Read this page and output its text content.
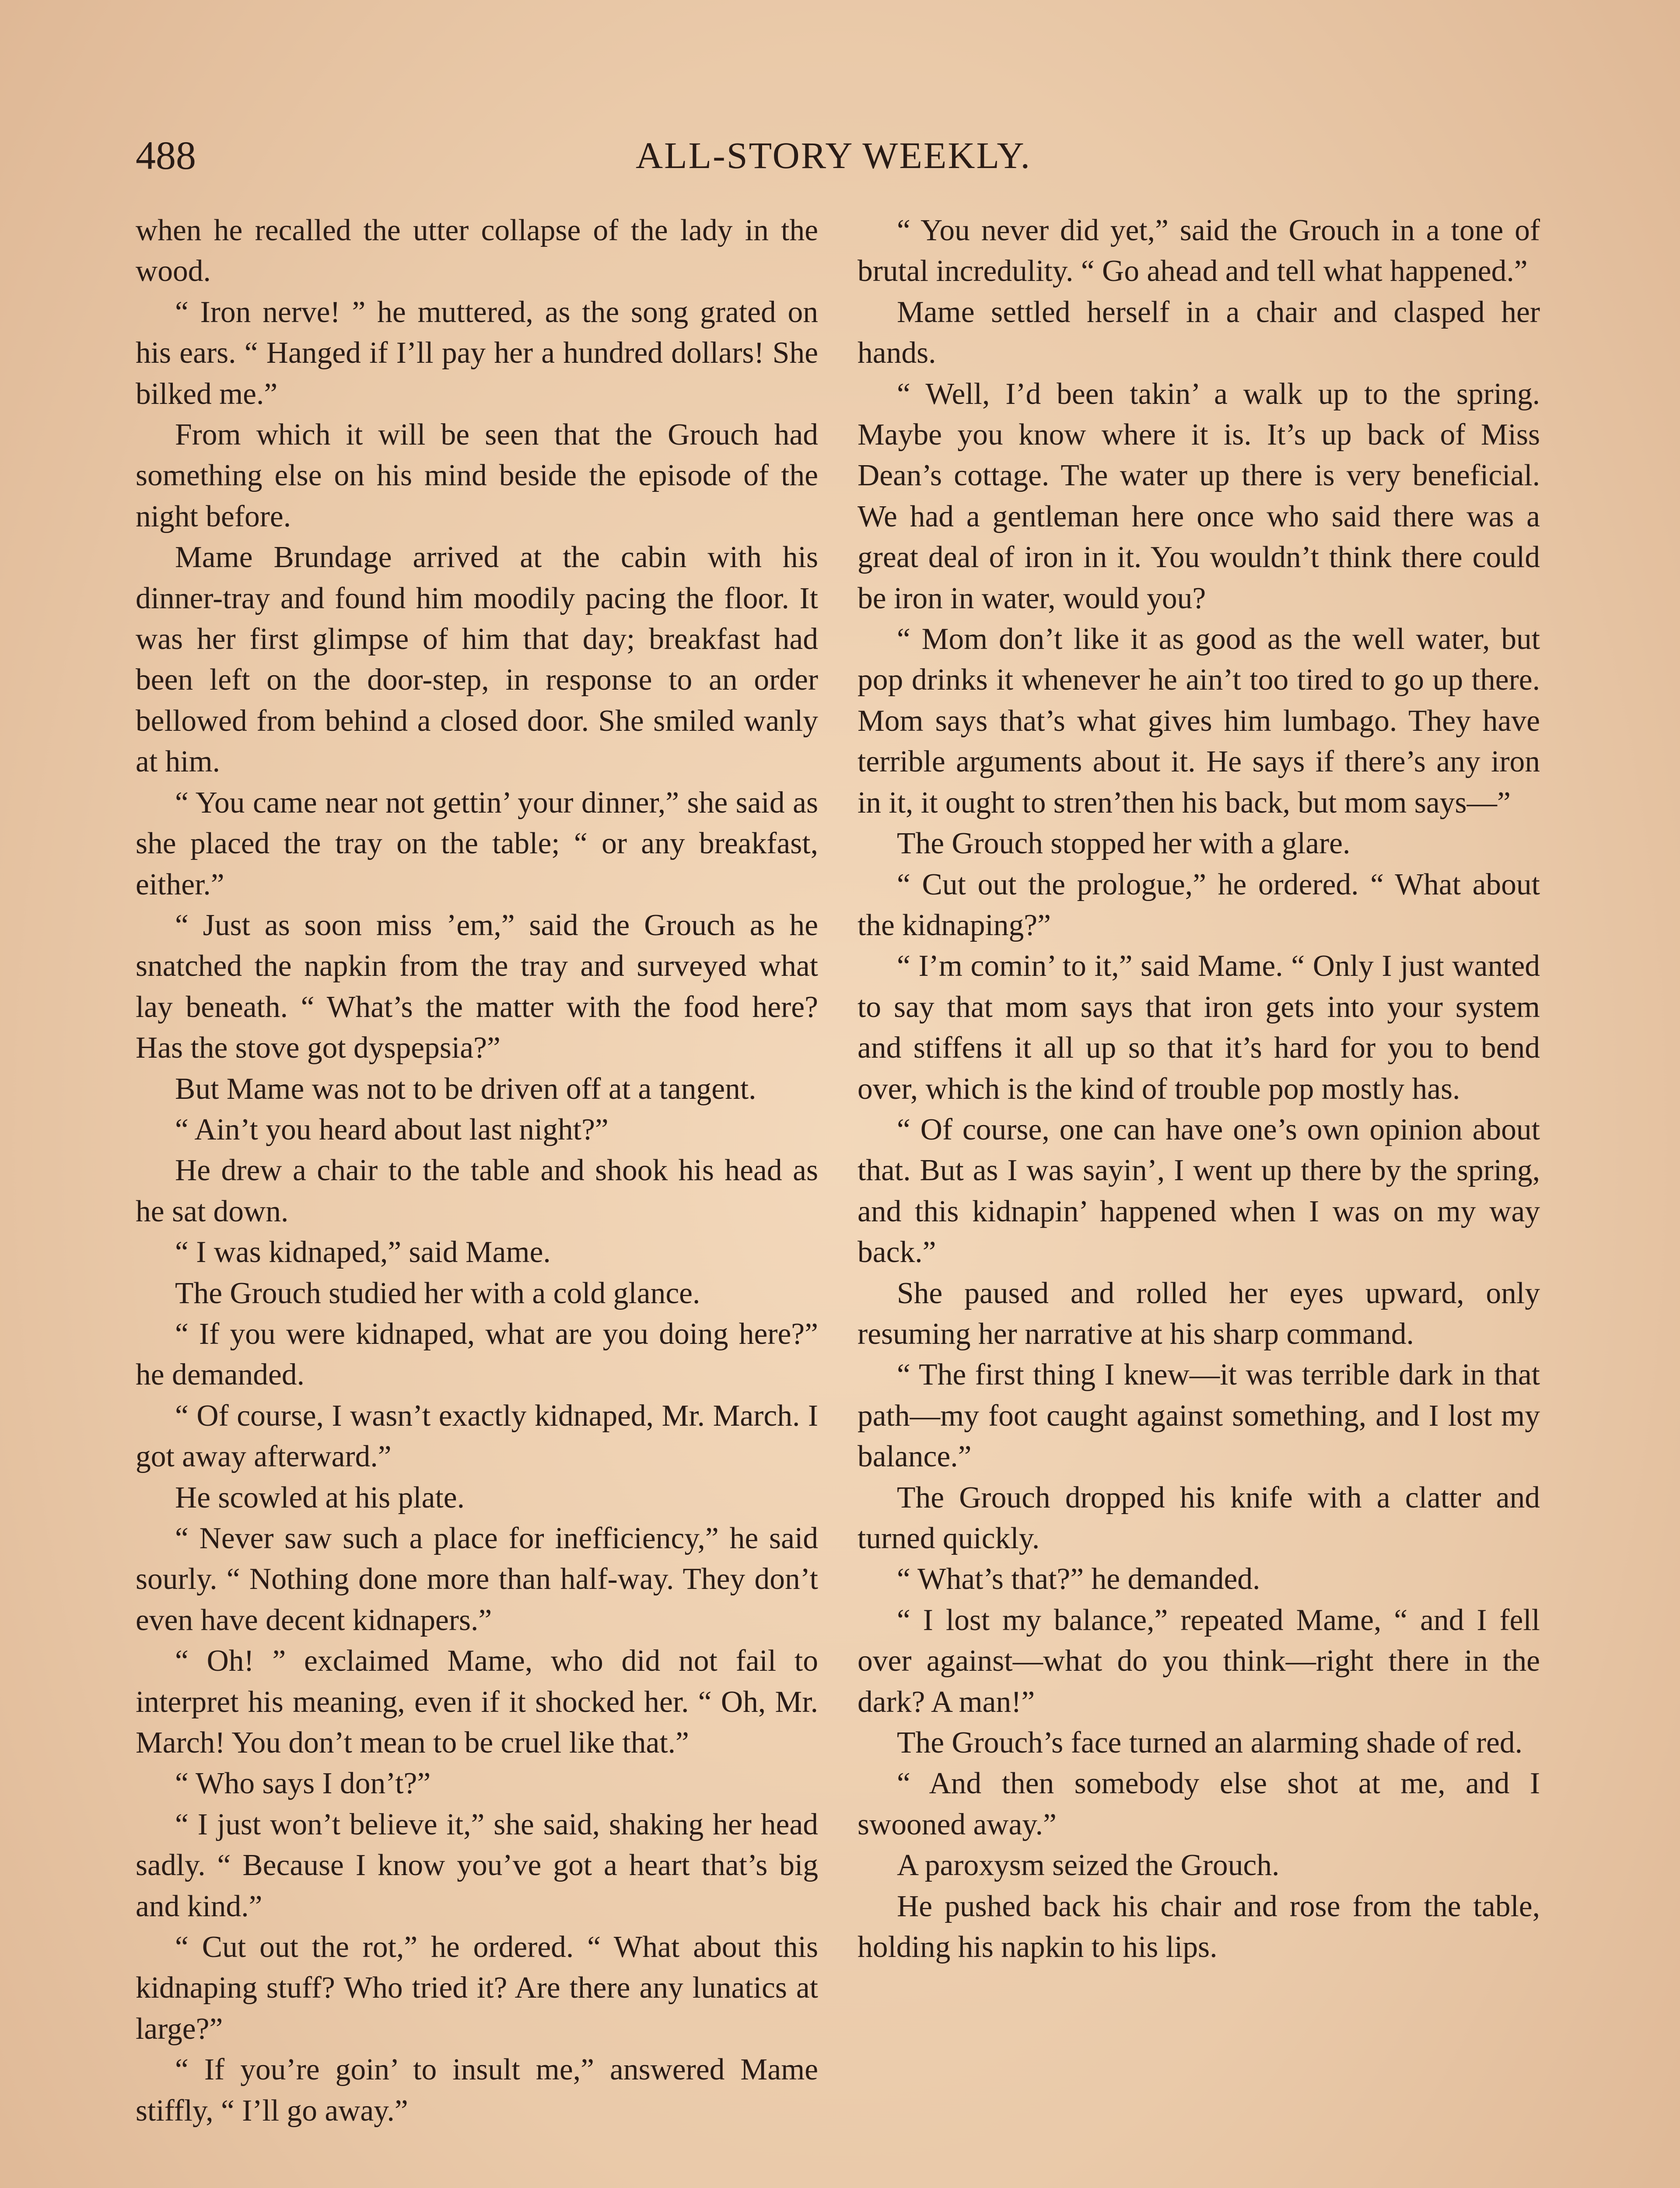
488	ALL-STORY WEEKLY.

when he recalled the utter collapse of the lady in the wood.

“ Iron nerve! ” he muttered, as the song grated on his ears. “ Hanged if I’ll pay her a hundred dollars! She bilked me.”

From which it will be seen that the Grouch had something else on his mind beside the episode of the night before.

Mame Brundage arrived at the cabin with his dinner-tray and found him moodily pacing the floor. It was her first glimpse of him that day; breakfast had been left on the door-step, in response to an order bellowed from behind a closed door. She smiled wanly at him.

“ You came near not gettin’ your dinner,” she said as she placed the tray on the table; “ or any breakfast, either.”

“ Just as soon miss ’em,” said the Grouch as he snatched the napkin from the tray and surveyed what lay beneath. “ What’s the matter with the food here? Has the stove got dyspepsia?”

But Mame was not to be driven off at a tangent.

“ Ain’t you heard about last night?”

He drew a chair to the table and shook his head as he sat down.

“ I was kidnaped,” said Mame.

The Grouch studied her with a cold glance.

“ If you were kidnaped, what are you doing here?” he demanded.

“ Of course, I wasn’t exactly kidnaped, Mr. March. I got away afterward.”

He scowled at his plate.

“ Never saw such a place for inefficiency,” he said sourly. “ Nothing done more than half-way. They don’t even have decent kidnapers.”

“ Oh! ” exclaimed Mame, who did not fail to interpret his meaning, even if it shocked her. “ Oh, Mr. March! You don’t mean to be cruel like that.”

“ Who says I don’t?”

“ I just won’t believe it,” she said, shaking her head sadly. “ Because I know you’ve got a heart that’s big and kind.”

“ Cut out the rot,” he ordered. “ What about this kidnaping stuff? Who tried it? Are there any lunatics at large?”

“ If you’re goin’ to insult me,” answered Mame stiffly, “ I’ll go away.”

“ You never did yet,” said the Grouch in a tone of brutal incredulity. “ Go ahead and tell what happened.”

Mame settled herself in a chair and clasped her hands.

“ Well, I’d been takin’ a walk up to the spring. Maybe you know where it is. It’s up back of Miss Dean’s cottage. The water up there is very beneficial. We had a gentleman here once who said there was a great deal of iron in it. You wouldn’t think there could be iron in water, would you?

“ Mom don’t like it as good as the well water, but pop drinks it whenever he ain’t too tired to go up there. Mom says that’s what gives him lumbago. They have terrible arguments about it. He says if there’s any iron in it, it ought to stren’then his back, but mom says—”

The Grouch stopped her with a glare.

“ Cut out the prologue,” he ordered. “ What about the kidnaping?”

“ I’m comin’ to it,” said Mame. “ Only I just wanted to say that mom says that iron gets into your system and stiffens it all up so that it’s hard for you to bend over, which is the kind of trouble pop mostly has.

“ Of course, one can have one’s own opinion about that. But as I was sayin’, I went up there by the spring, and this kidnapin’ happened when I was on my way back.”

She paused and rolled her eyes upward, only resuming her narrative at his sharp command.

“ The first thing I knew—it was terrible dark in that path—my foot caught against something, and I lost my balance.”

The Grouch dropped his knife with a clatter and turned quickly.

“ What’s that?” he demanded.

“ I lost my balance,” repeated Mame, “ and I fell over against—what do you think—right there in the dark? A man!”

The Grouch’s face turned an alarming shade of red.

“ And then somebody else shot at me, and I swooned away.”

A paroxysm seized the Grouch.

He pushed back his chair and rose from the table, holding his napkin to his lips.
